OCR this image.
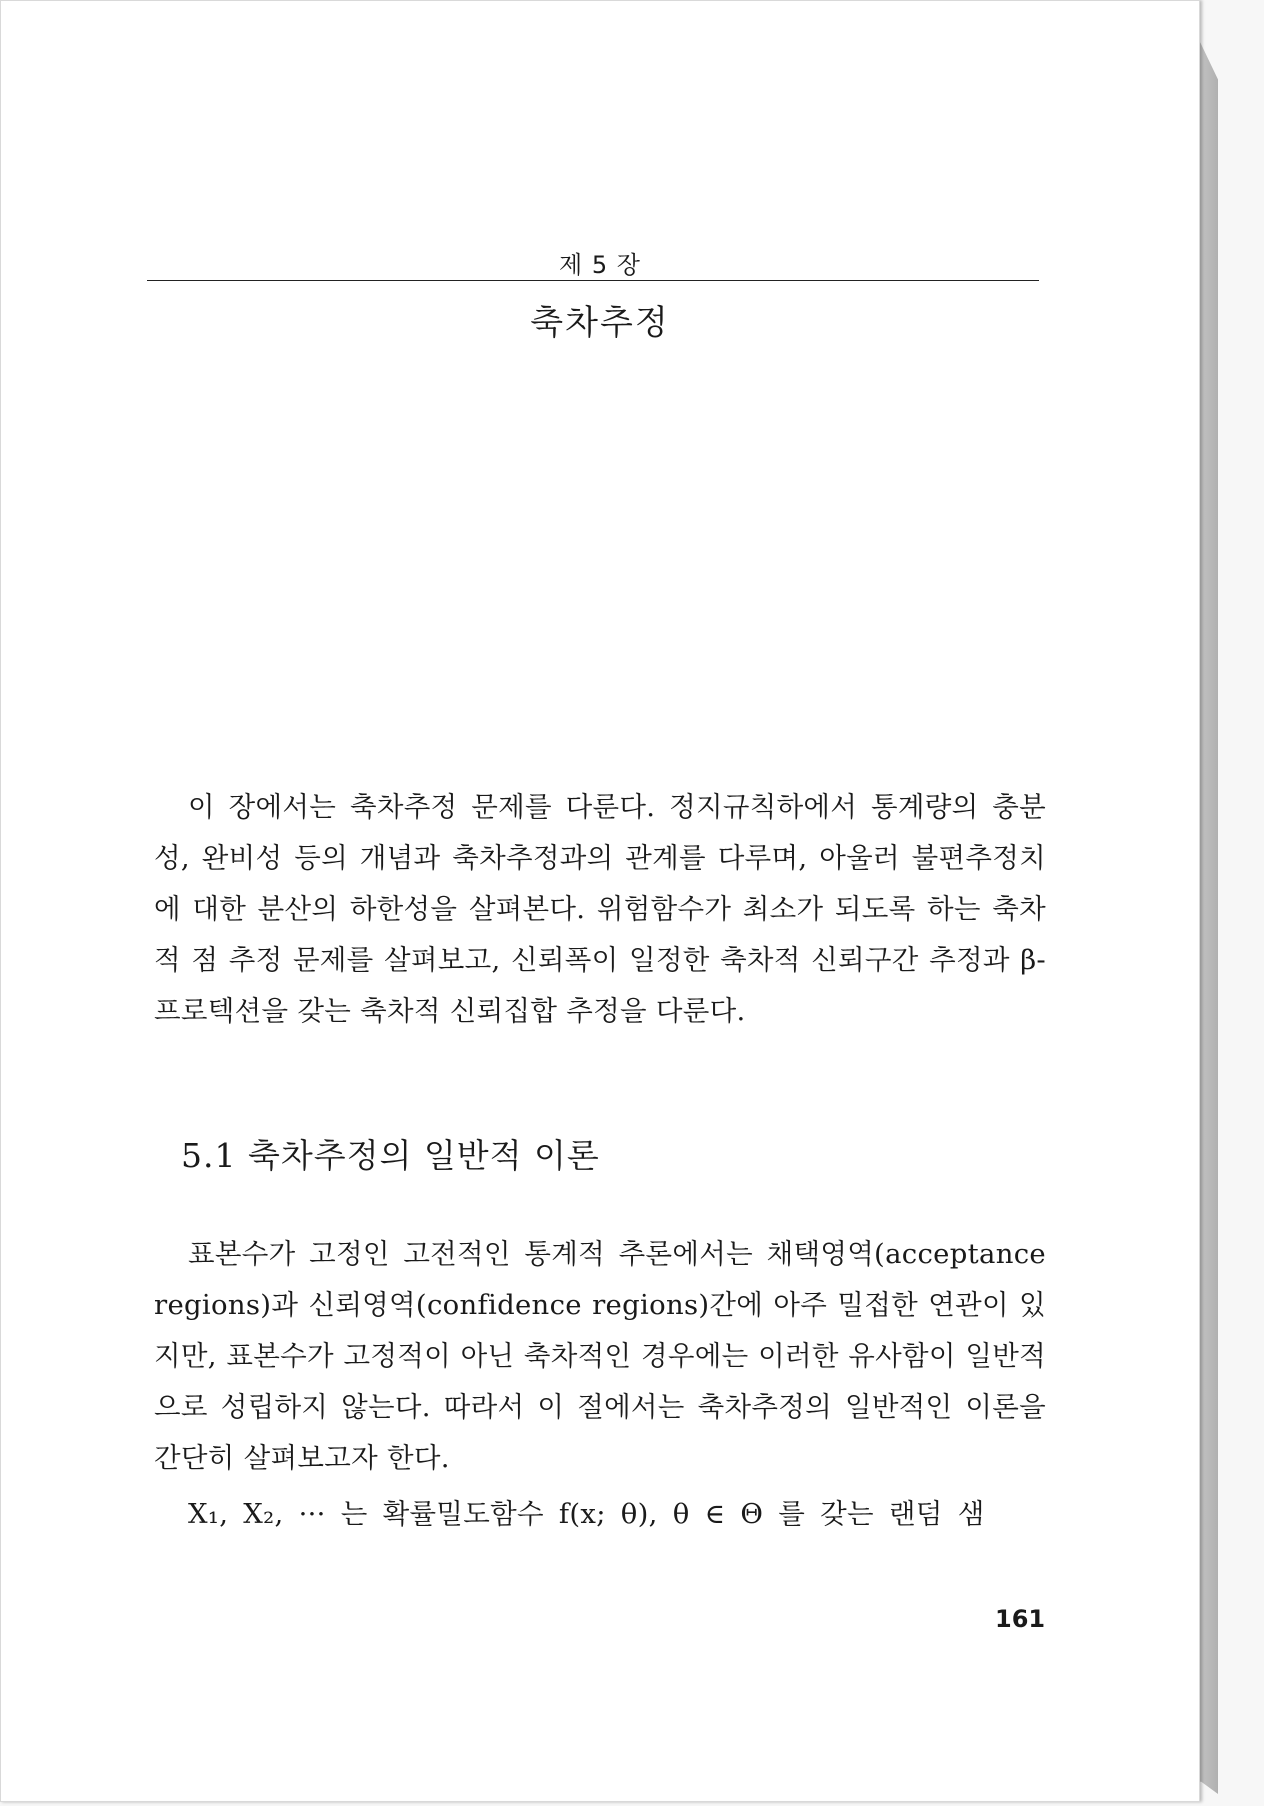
제 5 장
축차추정
이 장에서는 축차추정 문제를 다룬다. 정지규칙하에서 통계량의 충분성, 완비성 등의 개념과 축차추정과의 관계를 다루며, 아울러 불편추정치에 대한 분산의 하한성을 살펴본다. 위험함수가 최소가 되도록 하는 축차적 점 추정 문제를 살펴보고, 신뢰폭이 일정한 축차적 신뢰구간 추정과 β-프로텍션을 갖는 축차적 신뢰집합 추정을 다룬다.
5.1 축차추정의 일반적 이론
표본수가 고정인 고전적인 통계적 추론에서는 채택영역(acceptance regions)과 신뢰영역(confidence regions)간에 아주 밀접한 연관이 있지만, 표본수가 고정적이 아닌 축차적인 경우에는 이러한 유사함이 일반적으로 성립하지 않는다. 따라서 이 절에서는 축차추정의 일반적인 이론을 간단히 살펴보고자 한다.
X₁, X₂, ··· 는 확률밀도함수 f(x; θ), θ ∈ Θ 를 갖는 랜덤 샘
161
